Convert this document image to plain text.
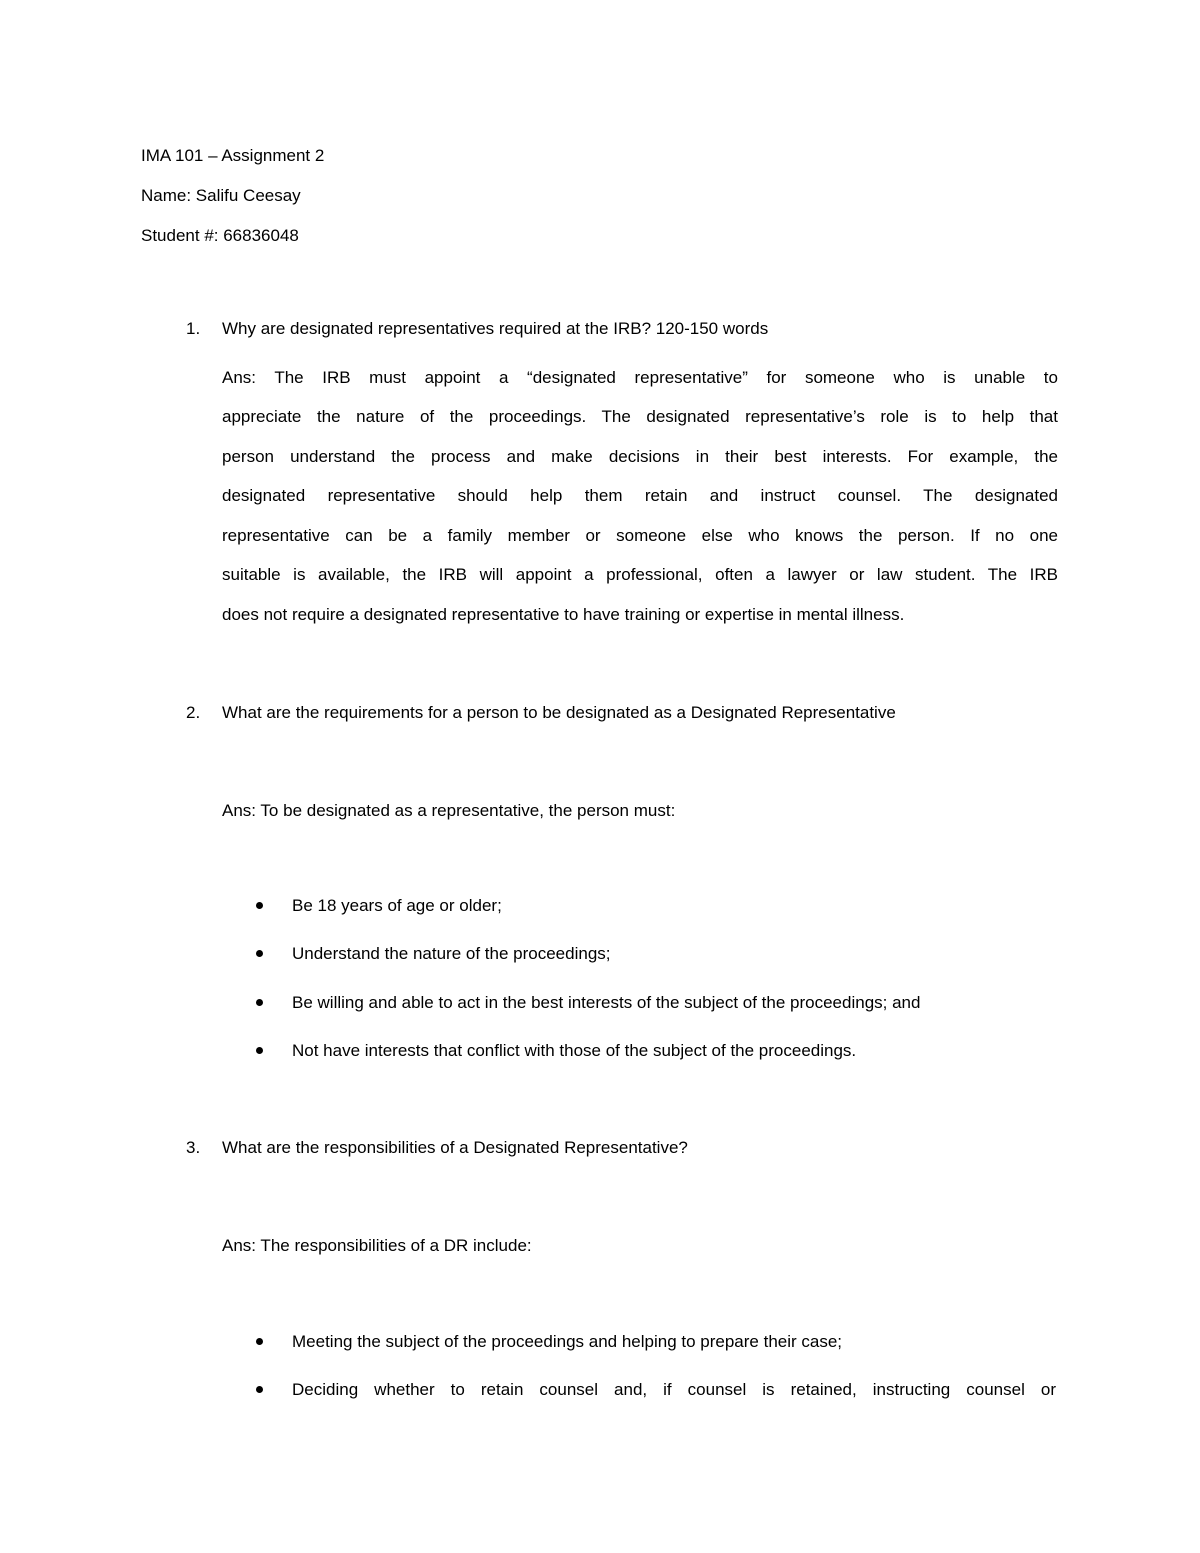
IMA 101 – Assignment 2
Name: Salifu Ceesay
Student #: 66836048
1. Why are designated representatives required at the IRB? 120-150 words
Ans: The IRB must appoint a “designated representative” for someone who is unable to
appreciate the nature of the proceedings. The designated representative’s role is to help that
person understand the process and make decisions in their best interests. For example, the
designated representative should help them retain and instruct counsel. The designated
representative can be a family member or someone else who knows the person. If no one
suitable is available, the IRB will appoint a professional, often a lawyer or law student. The IRB
does not require a designated representative to have training or expertise in mental illness.
2. What are the requirements for a person to be designated as a Designated Representative
Ans: To be designated as a representative, the person must:
Be 18 years of age or older;
Understand the nature of the proceedings;
Be willing and able to act in the best interests of the subject of the proceedings; and
Not have interests that conflict with those of the subject of the proceedings.
3. What are the responsibilities of a Designated Representative?
Ans: The responsibilities of a DR include:
Meeting the subject of the proceedings and helping to prepare their case;
Deciding whether to retain counsel and, if counsel is retained, instructing counsel or
